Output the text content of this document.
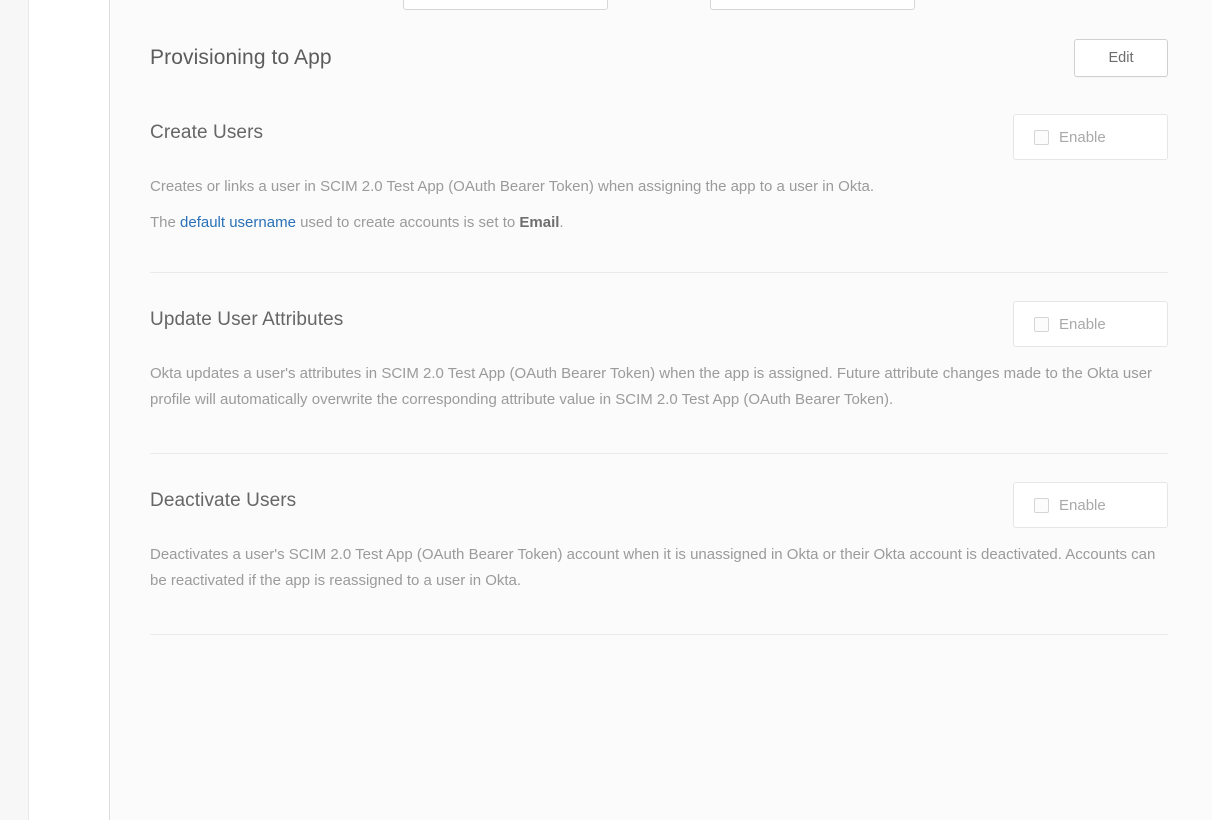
Provisioning to App	Edit
Create Users	Enable
Creates or links a user in SCIM 2.0 Test App (OAuth Bearer Token) when assigning the app to a user in Okta.
The default username used to create accounts is set to Email.
Update User Attributes	Enable
Okta updates a user's attributes in SCIM 2.0 Test App (OAuth Bearer Token) when the app is assigned. Future attribute changes made to the Okta user profile will automatically overwrite the corresponding attribute value in SCIM 2.0 Test App (OAuth Bearer Token).
Deactivate Users	Enable
Deactivates a user's SCIM 2.0 Test App (OAuth Bearer Token) account when it is unassigned in Okta or their Okta account is deactivated. Accounts can be reactivated if the app is reassigned to a user in Okta.
